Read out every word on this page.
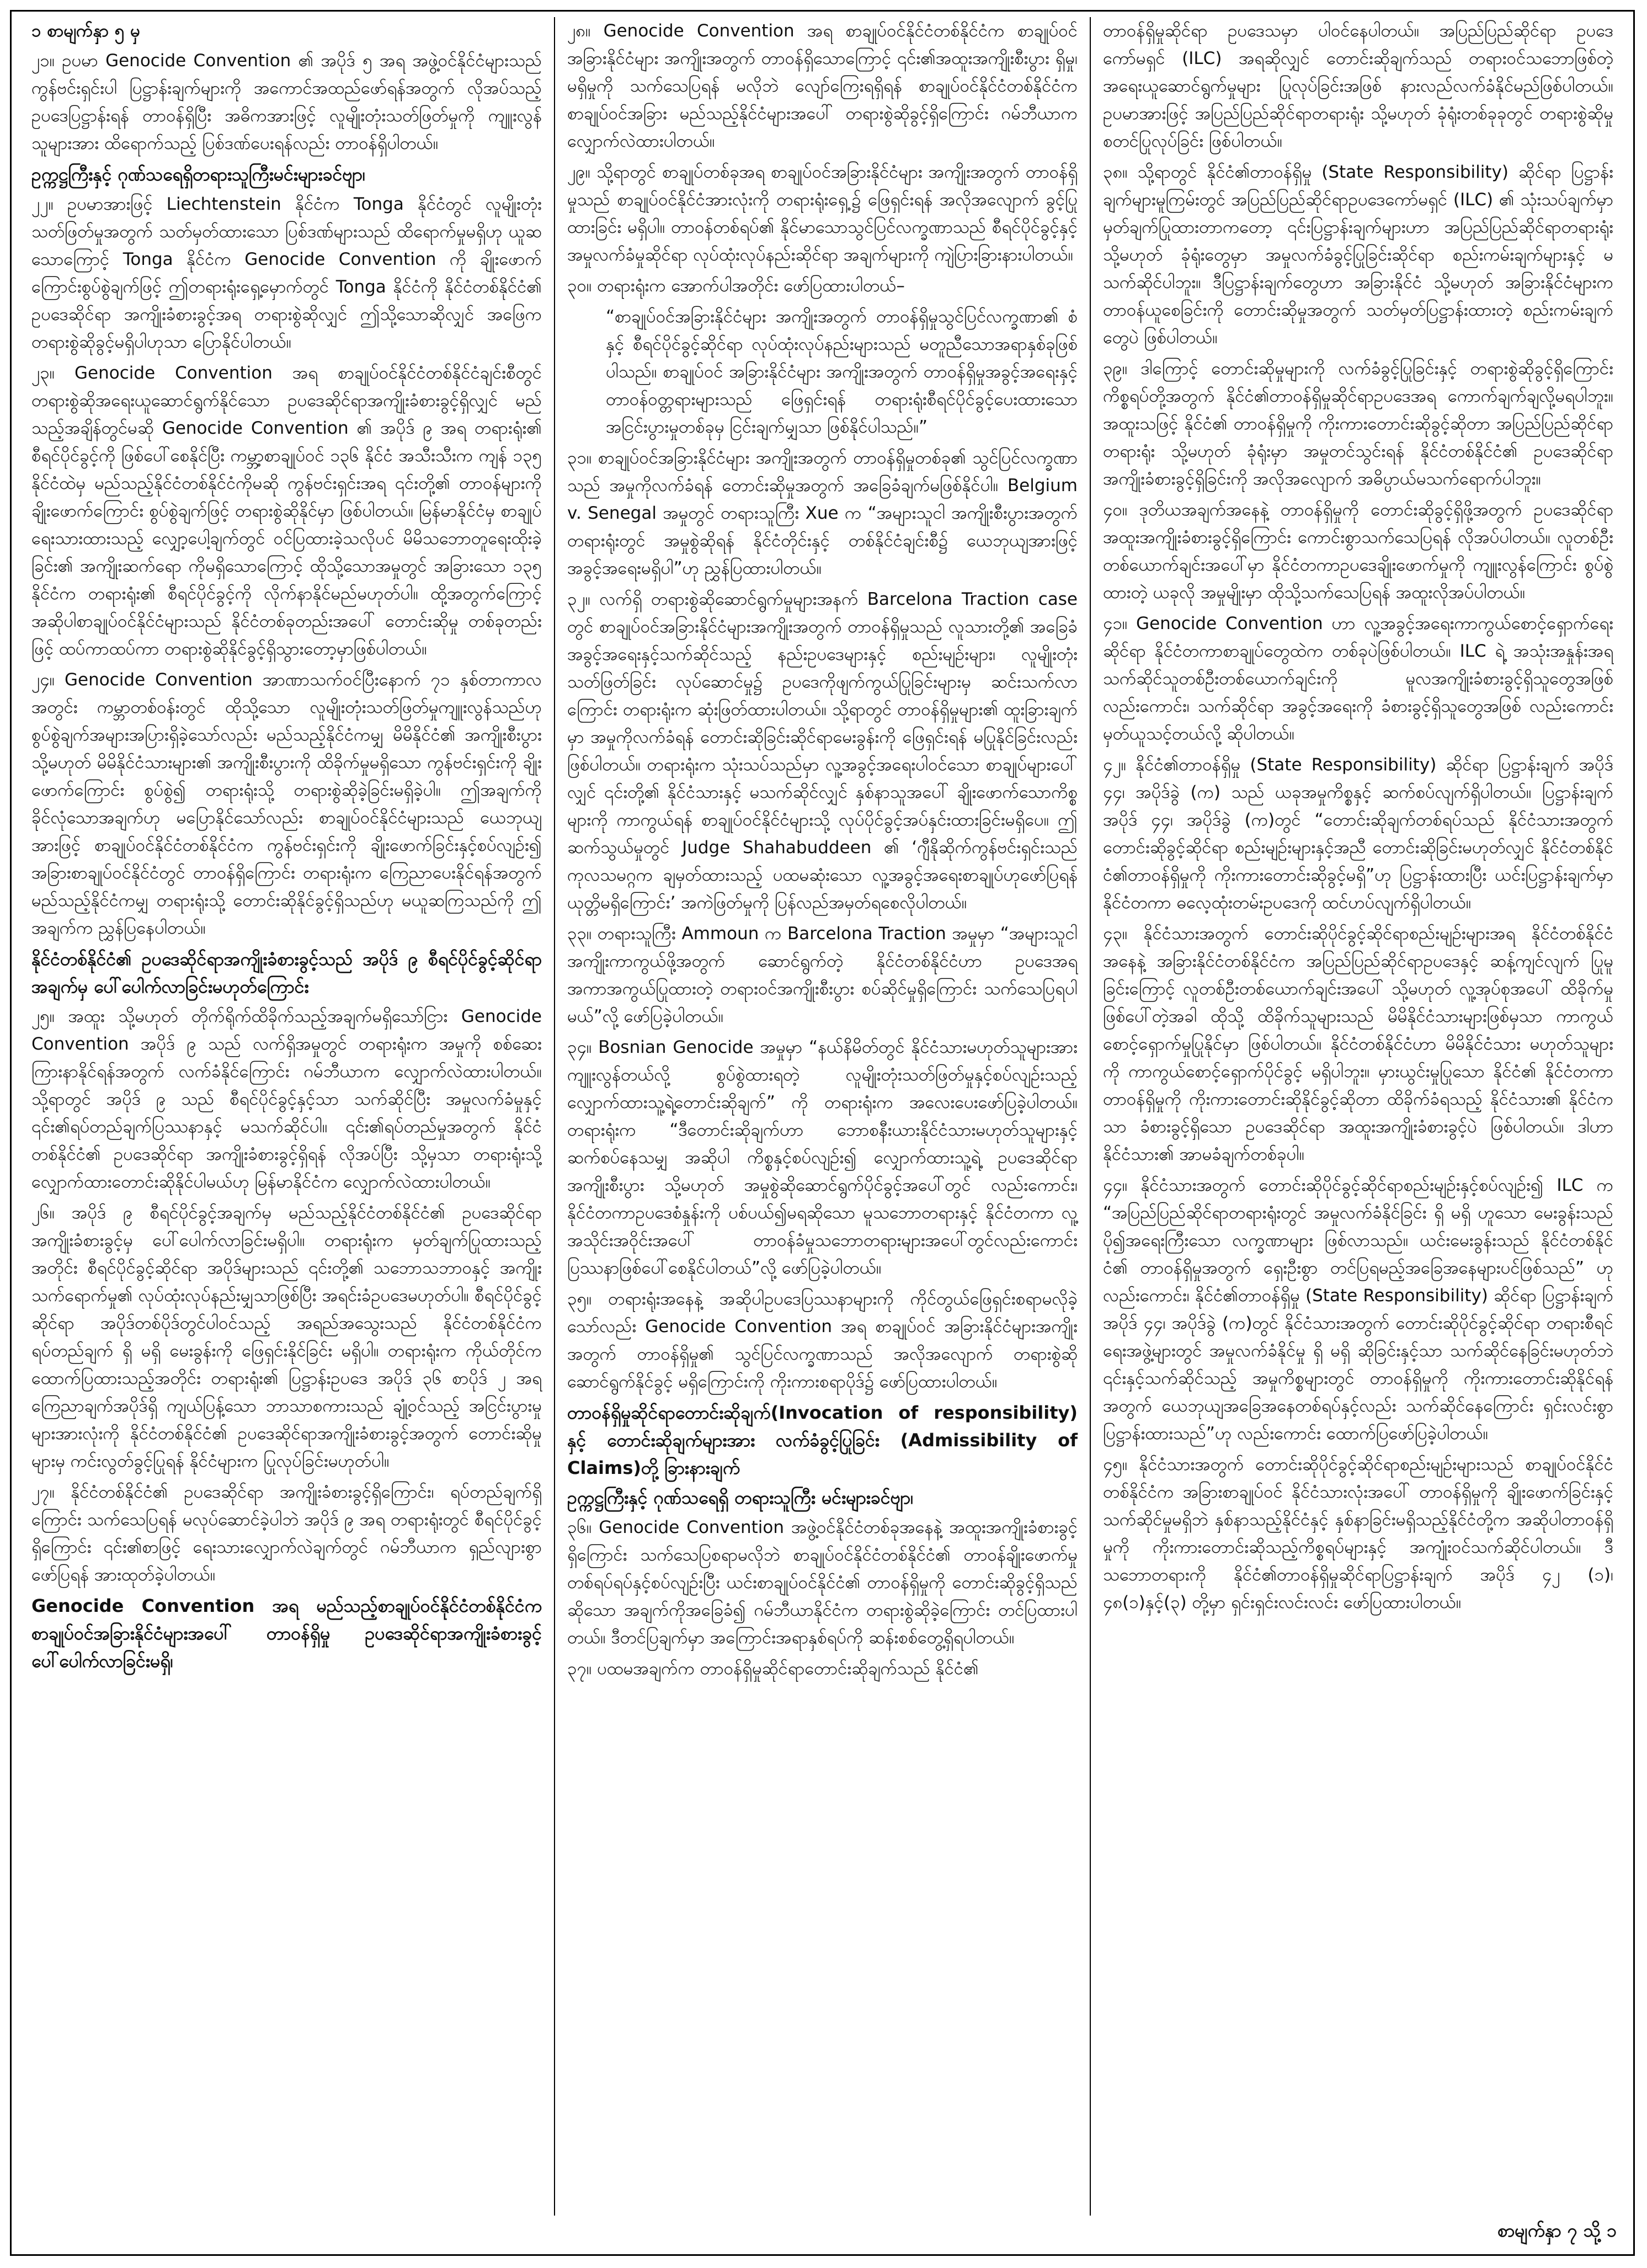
၁ စာမျက်နှာ ၅ မှ

၂၁။ ဥပမာ Genocide Convention ၏ အပိုဒ် ၅ အရ အဖွဲ့ဝင်နိုင်ငံများသည် ကွန်ဗင်းရှင်းပါ ပြဋ္ဌာန်းချက်များကို အကောင်အထည်ဖော်ရန်အတွက် လိုအပ်သည့်ဥပဒေပြဋ္ဌာန်းရန် တာဝန်ရှိပြီး အဓိကအားဖြင့် လူမျိုးတုံးသတ်ဖြတ်မှုကို ကျူးလွန်သူများအား ထိရောက်သည့် ပြစ်ဒဏ်ပေးရန်လည်း တာဝန်ရှိပါတယ်။

ဥက္ကဋ္ဌကြီးနှင့် ဂုဏ်သရေရှိတရားသူကြီးမင်းများခင်ဗျာ၊

၂၂။ ဥပမာအားဖြင့် Liechtenstein နိုင်ငံက Tonga နိုင်ငံတွင် လူမျိုးတုံးသတ်ဖြတ်မှုအတွက် သတ်မှတ်ထားသော ပြစ်ဒဏ်များသည် ထိရောက်မှုမရှိဟု ယူဆသောကြောင့် Tonga နိုင်ငံက Genocide Convention ကို ချိုးဖောက်ကြောင်းစွပ်စွဲချက်ဖြင့် ဤတရားရုံးရှေ့မှောက်တွင် Tonga နိုင်ငံကို နိုင်ငံတစ်နိုင်ငံ၏ ဥပဒေဆိုင်ရာ အကျိုးခံစားခွင့်အရ တရားစွဲဆိုလျှင် ဤသို့သောဆိုလျှင် အဖြေက တရားစွဲဆိုခွင့်မရှိပါဟုသာ ပြောနိုင်ပါတယ်။

၂၃။ Genocide Convention အရ စာချုပ်ဝင်နိုင်ငံတစ်နိုင်ငံချင်းစီတွင် တရားစွဲဆိုအရေးယူဆောင်ရွက်နိုင်သော ဥပဒေဆိုင်ရာအကျိုးခံစားခွင့်ရှိလျှင် မည်သည့်အချိန်တွင်မဆို Genocide Convention ၏ အပိုဒ် ၉ အရ တရားရုံး၏ စီရင်ပိုင်ခွင့်ကို ဖြစ်ပေါ်စေနိုင်ပြီး ကမ္ဘာ့စာချုပ်ဝင် ၁၃၆ နိုင်ငံ အသီးသီးက ကျန် ၁၃၅ နိုင်ငံထဲမှ မည်သည့်နိုင်ငံတစ်နိုင်ငံကိုမဆို ကွန်ဗင်းရှင်းအရ ၎င်းတို့၏ တာဝန်များကို ချိုးဖောက်ကြောင်း စွပ်စွဲချက်ဖြင့် တရားစွဲဆိုနိုင်မှာ ဖြစ်ပါတယ်။ မြန်မာနိုင်ငံမှ စာချုပ်ရေးသားထားသည့် လျှော့ပေါ့ချက်တွင် ဝင်ပြထားခဲ့သလိုပင် မိမိသဘောတူရေးထိုးခဲ့ခြင်း၏ အကျိုးဆက်ရော ကိုမရှိသောကြောင့် ထိုသို့သောအမှုတွင် အခြားသော ၁၃၅ နိုင်ငံက တရားရုံး၏ စီရင်ပိုင်ခွင့်ကို လိုက်နာနိုင်မည်မဟုတ်ပါ။ ထို့အတွက်ကြောင့် အဆိုပါစာချုပ်ဝင်နိုင်ငံများသည် နိုင်ငံတစ်ခုတည်းအပေါ် တောင်းဆိုမှု တစ်ခုတည်းဖြင့် ထပ်ကာထပ်ကာ တရားစွဲဆိုနိုင်ခွင့်ရှိသွားတော့မှာဖြစ်ပါတယ်။

၂၄။ Genocide Convention အာဏာသက်ဝင်ပြီးနောက် ၇၁ နှစ်တာကာလအတွင်း ကမ္ဘာတစ်ဝန်းတွင် ထိုသို့သော လူမျိုးတုံးသတ်ဖြတ်မှုကျူးလွန်သည်ဟု စွပ်စွဲချက်အများအပြားရှိခဲ့သော်လည်း မည်သည့်နိုင်ငံကမျှ မိမိနိုင်ငံ၏ အကျိုးစီးပွား သို့မဟုတ် မိမိနိုင်ငံသားများ၏ အကျိုးစီးပွားကို ထိခိုက်မှုမရှိသော ကွန်ဗင်းရှင်းကို ချိုးဖောက်ကြောင်း စွပ်စွဲ၍ တရားရုံးသို့ တရားစွဲဆိုခဲ့ခြင်းမရှိခဲ့ပါ။ ဤအချက်ကို ခိုင်လုံသောအချက်ဟု မပြောနိုင်သော်လည်း စာချုပ်ဝင်နိုင်ငံများသည် ယေဘုယျအားဖြင့် စာချုပ်ဝင်နိုင်ငံတစ်နိုင်ငံက ကွန်ဗင်းရှင်းကို ချိုးဖောက်ခြင်းနှင့်စပ်လျဉ်း၍ အခြားစာချုပ်ဝင်နိုင်ငံတွင် တာဝန်ရှိကြောင်း တရားရုံးက ကြေညာပေးနိုင်ရန်အတွက် မည်သည့်နိုင်ငံကမျှ တရားရုံးသို့ တောင်းဆိုနိုင်ခွင့်ရှိသည်ဟု မယူဆကြသည်ကို ဤအချက်က ညွှန်ပြနေပါတယ်။

နိုင်ငံတစ်နိုင်ငံ၏ ဥပဒေဆိုင်ရာအကျိုးခံစားခွင့်သည် အပိုဒ် ၉ စီရင်ပိုင်ခွင့်ဆိုင်ရာအချက်မှ ပေါ်ပေါက်လာခြင်းမဟုတ်ကြောင်း

၂၅။ အထူး သို့မဟုတ် တိုက်ရိုက်ထိခိုက်သည့်အချက်မရှိသော်ငြား Genocide Convention အပိုဒ် ၉ သည် လက်ရှိအမှုတွင် တရားရုံးက အမှုကို စစ်ဆေးကြားနာနိုင်ရန်အတွက် လက်ခံနိုင်ကြောင်း ဂမ်ဘီယာက လျှောက်လဲထားပါတယ်။ သို့ရာတွင် အပိုဒ် ၉ သည် စီရင်ပိုင်ခွင့်နှင့်သာ သက်ဆိုင်ပြီး အမှုလက်ခံမှုနှင့် ၎င်း၏ရပ်တည်ချက်ပြဿနာနှင့် မသက်ဆိုင်ပါ။ ၎င်း၏ရပ်တည်မှုအတွက် နိုင်ငံတစ်နိုင်ငံ၏ ဥပဒေဆိုင်ရာ အကျိုးခံစားခွင့်ရှိရန် လိုအပ်ပြီး သို့မှသာ တရားရုံးသို့ လျှောက်ထားတောင်းဆိုနိုင်ပါမယ်ဟု မြန်မာနိုင်ငံက လျှောက်လဲထားပါတယ်။

၂၆။ အပိုဒ် ၉ စီရင်ပိုင်ခွင့်အချက်မှ မည်သည့်နိုင်ငံတစ်နိုင်ငံ၏ ဥပဒေဆိုင်ရာ အကျိုးခံစားခွင့်မှ ပေါ်ပေါက်လာခြင်းမရှိပါ။ တရားရုံးက မှတ်ချက်ပြုထားသည့်အတိုင်း စီရင်ပိုင်ခွင့်ဆိုင်ရာ အပိုဒ်များသည် ၎င်းတို့၏ သဘောသဘာဝနှင့် အကျိုးသက်ရောက်မှု၏ လုပ်ထုံးလုပ်နည်းမျှသာဖြစ်ပြီး အရင်းခံဥပဒေမဟုတ်ပါ။ စီရင်ပိုင်ခွင့်ဆိုင်ရာ အပိုဒ်တစ်ပိုဒ်တွင်ပါဝင်သည့် အရည်အသွေးသည် နိုင်ငံတစ်နိုင်ငံက ရပ်တည်ချက် ရှိ မရှိ မေးခွန်းကို ဖြေရှင်းနိုင်ခြင်း မရှိပါ။ တရားရုံးက ကိုယ်တိုင်က ထောက်ပြထားသည့်အတိုင်း တရားရုံး၏ ပြဋ္ဌာန်းဥပဒေ အပိုဒ် ၃၆ စာပိုဒ် ၂ အရ ကြေညာချက်အပိုဒ်ရှိ ကျယ်ပြန့်သော ဘာသာစကားသည် ချုံ့ဝင်သည့် အငြင်းပွားမှုများအားလုံးကို နိုင်ငံတစ်နိုင်ငံ၏ ဥပဒေဆိုင်ရာအကျိုးခံစားခွင့်အတွက် တောင်းဆိုမှုများမှ ကင်းလွတ်ခွင့်ပြုရန် နိုင်ငံများက ပြုလုပ်ခြင်းမဟုတ်ပါ။

၂၇။ နိုင်ငံတစ်နိုင်ငံ၏ ဥပဒေဆိုင်ရာ အကျိုးခံစားခွင့်ရှိကြောင်း၊ ရပ်တည်ချက်ရှိကြောင်း သက်သေပြရန် မလုပ်ဆောင်ခဲ့ပါဘဲ အပိုဒ် ၉ အရ တရားရုံးတွင် စီရင်ပိုင်ခွင့်ရှိကြောင်း ၎င်း၏စာဖြင့် ရေးသားလျှောက်လဲချက်တွင် ဂမ်ဘီယာက ရှည်လျားစွာဖော်ပြရန် အားထုတ်ခဲ့ပါတယ်။

Genocide Convention အရ မည်သည့်စာချုပ်ဝင်နိုင်ငံတစ်နိုင်ငံက စာချုပ်ဝင်အခြားနိုင်ငံများအပေါ် တာဝန်ရှိမှု ဥပဒေဆိုင်ရာအကျိုးခံစားခွင့် ပေါ်ပေါက်လာခြင်းမရှိ၊

၂၈။ Genocide Convention အရ စာချုပ်ဝင်နိုင်ငံတစ်နိုင်ငံက စာချုပ်ဝင် အခြားနိုင်ငံများ အကျိုးအတွက် တာဝန်ရှိသောကြောင့် ၎င်း၏အထူးအကျိုးစီးပွား ရှိမှု၊ မရှိမှုကို သက်သေပြရန် မလိုဘဲ လျော်ကြေးရရှိရန် စာချုပ်ဝင်နိုင်ငံတစ်နိုင်ငံက စာချုပ်ဝင်အခြား မည်သည့်နိုင်ငံများအပေါ် တရားစွဲဆိုခွင့်ရှိကြောင်း ဂမ်ဘီယာက လျှောက်လဲထားပါတယ်။

၂၉။ သို့ရာတွင် စာချုပ်တစ်ခုအရ စာချုပ်ဝင်အခြားနိုင်ငံများ အကျိုးအတွက် တာဝန်ရှိမှုသည် စာချုပ်ဝင်နိုင်ငံအားလုံးကို တရားရုံးရှေ့၌ ဖြေရှင်းရန် အလိုအလျောက် ခွင့်ပြုထားခြင်း မရှိပါ။ တာဝန်တစ်ရပ်၏ နိုင်မာသောသွင်ပြင်လက္ခဏာသည် စီရင်ပိုင်ခွင့်နှင့် အမှုလက်ခံမှုဆိုင်ရာ လုပ်ထုံးလုပ်နည်းဆိုင်ရာ အချက်များကို ကျဲပြားခြားနားပါတယ်။

၃၀။ တရားရုံးက အောက်ပါအတိုင်း ဖော်ပြထားပါတယ်–

“စာချုပ်ဝင်အခြားနိုင်ငံများ အကျိုးအတွက် တာဝန်ရှိမှုသွင်ပြင်လက္ခဏာ၏ စံနှင့် စီရင်ပိုင်ခွင့်ဆိုင်ရာ လုပ်ထုံးလုပ်နည်းများသည် မတူညီသောအရာနှစ်ခုဖြစ်ပါသည်။ စာချုပ်ဝင် အခြားနိုင်ငံများ အကျိုးအတွက် တာဝန်ရှိမှုအခွင့်အရေးနှင့် တာဝန်ဝတ္တရားများသည် ဖြေရှင်းရန် တရားရုံးစီရင်ပိုင်ခွင့်ပေးထားသော အငြင်းပွားမှုတစ်ခုမှ ငြင်းချက်မျှသာ ဖြစ်နိုင်ပါသည်။”

၃၁။ စာချုပ်ဝင်အခြားနိုင်ငံများ အကျိုးအတွက် တာဝန်ရှိမှုတစ်ခု၏ သွင်ပြင်လက္ခဏာသည် အမှုကိုလက်ခံရန် တောင်းဆိုမှုအတွက် အခြေခံချက်မဖြစ်နိုင်ပါ။ Belgium v. Senegal အမှုတွင် တရားသူကြီး Xue က “အများသူငါ အကျိုးစီးပွားအတွက် တရားရုံးတွင် အမှုစွဲဆိုရန် နိုင်ငံတိုင်းနှင့် တစ်နိုင်ငံချင်းစီ၌ ယေဘုယျအားဖြင့် အခွင့်အရေးမရှိပါ”ဟု ညွှန်ပြထားပါတယ်။

၃၂။ လက်ရှိ တရားစွဲဆိုဆောင်ရွက်မှုများအနက် Barcelona Traction case တွင် စာချုပ်ဝင်အခြားနိုင်ငံများအကျိုးအတွက် တာဝန်ရှိမှုသည် လူသားတို့၏ အခြေခံအခွင့်အရေးနှင့်သက်ဆိုင်သည့် နည်းဥပဒေများနှင့် စည်းမျဉ်းများ၊ လူမျိုးတုံးသတ်ဖြတ်ခြင်း လုပ်ဆောင်မှု၌ ဥပဒေကိုဖျက်ကွယ်ပြုခြင်းများမှ ဆင်းသက်လာကြောင်း တရားရုံးက ဆုံးဖြတ်ထားပါတယ်။ သို့ရာတွင် တာဝန်ရှိမှုများ၏ ထူးခြားချက်မှာ အမှုကိုလက်ခံရန် တောင်းဆိုခြင်းဆိုင်ရာမေးခွန်းကို ဖြေရှင်းရန် မပြုနိုင်ခြင်းလည်းဖြစ်ပါတယ်။ တရားရုံးက သုံးသပ်သည်မှာ လူ့အခွင့်အရေးပါဝင်သော စာချုပ်များပေါ်လျှင် ၎င်းတို့၏ နိုင်ငံသားနှင့် မသက်ဆိုင်လျှင် နှစ်နာသူအပေါ် ချိုးဖောက်သောကိစ္စများကို ကာကွယ်ရန် စာချုပ်ဝင်နိုင်ငံများသို့ လုပ်ပိုင်ခွင့်အပ်နှင်းထားခြင်းမရှိပေ။ ဤဆက်သွယ်မှုတွင် Judge Shahabuddeen ၏ ‘ဂျီနိုဆိုက်ကွန်ဗင်းရှင်းသည် ကုလသမဂ္ဂက ချမှတ်ထားသည့် ပထမဆုံးသော လူ့အခွင့်အရေးစာချုပ်ဟုဖော်ပြရန် ယုတ္တိမရှိကြောင်း’ အကဲဖြတ်မှုကို ပြန်လည်အမှတ်ရစေလိုပါတယ်။

၃၃။ တရားသူကြီး Ammoun က Barcelona Traction အမှုမှာ “အများသူငါအကျိုးကာကွယ်ဖို့အတွက် ဆောင်ရွက်တဲ့ နိုင်ငံတစ်နိုင်ငံဟာ ဥပဒေအရ အကာအကွယ်ပြုထားတဲ့ တရားဝင်အကျိုးစီးပွား စပ်ဆိုင်မှုရှိကြောင်း သက်သေပြရပါမယ်”လို့ ဖော်ပြခဲ့ပါတယ်။

၃၄။ Bosnian Genocide အမှုမှာ “နယ်နိမိတ်တွင် နိုင်ငံသားမဟုတ်သူများအား ကျူးလွန်တယ်လို့ စွပ်စွဲထားရတဲ့ လူမျိုးတုံးသတ်ဖြတ်မှုနှင့်စပ်လျဉ်းသည့် လျှောက်ထားသူ့ရဲ့တောင်းဆိုချက်” ကို တရားရုံးက အလေးပေးဖော်ပြခဲ့ပါတယ်။ တရားရုံးက “ဒီတောင်းဆိုချက်ဟာ ဘောစနီးယားနိုင်ငံသားမဟုတ်သူများနှင့် ဆက်စပ်နေသမျှ အဆိုပါ ကိစ္စနှင့်စပ်လျဉ်း၍ လျှောက်ထားသူ့ရဲ့ ဥပဒေဆိုင်ရာအကျိုးစီးပွား သို့မဟုတ် အမှုစွဲဆိုဆောင်ရွက်ပိုင်ခွင့်အပေါ်တွင် လည်းကောင်း၊ နိုင်ငံတကာဥပဒေစံနှုန်းကို ပစ်ပယ်၍မရဆိုသော မူသဘောတရားနှင့် နိုင်ငံတကာ လူ့အသိုင်းအဝိုင်းအပေါ် တာဝန်ခံမှုသဘောတရားများအပေါ်တွင်လည်းကောင်း ပြဿနာဖြစ်ပေါ်စေနိုင်ပါတယ်”လို့ ဖော်ပြခဲ့ပါတယ်။

၃၅။ တရားရုံးအနေနဲ့ အဆိုပါဥပဒေပြဿနာများကို ကိုင်တွယ်ဖြေရှင်းစရာမလိုခဲ့သော်လည်း Genocide Convention အရ စာချုပ်ဝင် အခြားနိုင်ငံများအကျိုးအတွက် တာဝန်ရှိမှု၏ သွင်ပြင်လက္ခဏာသည် အလိုအလျောက် တရားစွဲဆိုဆောင်ရွက်နိုင်ခွင့် မရှိကြောင်းကို ကိုးကားစရာပိုဒ်၌ ဖော်ပြထားပါတယ်။

တာဝန်ရှိမှုဆိုင်ရာတောင်းဆိုချက်(Invocation of responsibility) နှင့် တောင်းဆိုချက်များအား လက်ခံခွင့်ပြုခြင်း (Admissibility of Claims)တို့ ခြားနားချက်
ဥက္ကဋ္ဌကြီးနှင့် ဂုဏ်သရေရှိ တရားသူကြီး မင်းများခင်ဗျာ၊

၃၆။ Genocide Convention အဖွဲ့ဝင်နိုင်ငံတစ်ခုအနေနဲ့ အထူးအကျိုးခံစားခွင့်ရှိကြောင်း သက်သေပြစရာမလိုဘဲ စာချုပ်ဝင်နိုင်ငံတစ်နိုင်ငံ၏ တာဝန်ချိုးဖောက်မှုတစ်ရပ်ရပ်နှင့်စပ်လျဉ်းပြီး ယင်းစာချုပ်ဝင်နိုင်ငံ၏ တာဝန်ရှိမှုကို တောင်းဆိုခွင့်ရှိသည်ဆိုသော အချက်ကိုအခြေခံ၍ ဂမ်ဘီယာနိုင်ငံက တရားစွဲဆိုခဲ့ကြောင်း တင်ပြထားပါတယ်။ ဒီတင်ပြချက်မှာ အကြောင်းအရာနှစ်ရပ်ကို ဆန်းစစ်တွေ့ရှိရပါတယ်။

၃၇။ ပထမအချက်က တာဝန်ရှိမှုဆိုင်ရာတောင်းဆိုချက်သည် နိုင်ငံ၏

တာဝန်ရှိမှုဆိုင်ရာ ဥပဒေသမှာ ပါဝင်နေပါတယ်။ အပြည်ပြည်ဆိုင်ရာ ဥပဒေကော်မရှင် (ILC) အရဆိုလျှင် တောင်းဆိုချက်သည် တရားဝင်သဘောဖြစ်တဲ့ အရေးယူဆောင်ရွက်မှုများ ပြုလုပ်ခြင်းအဖြစ် နားလည်လက်ခံနိုင်မည်ဖြစ်ပါတယ်။ ဥပမာအားဖြင့် အပြည်ပြည်ဆိုင်ရာတရားရုံး သို့မဟုတ် ခုံရုံးတစ်ခုခုတွင် တရားစွဲဆိုမှု စတင်ပြုလုပ်ခြင်း ဖြစ်ပါတယ်။

၃၈။ သို့ရာတွင် နိုင်ငံ၏တာဝန်ရှိမှု (State Responsibility) ဆိုင်ရာ ပြဋ္ဌာန်းချက်များမူကြမ်းတွင် အပြည်ပြည်ဆိုင်ရာဥပဒေကော်မရှင် (ILC) ၏ သုံးသပ်ချက်မှာ မှတ်ချက်ပြုထားတာကတော့ ၎င်းပြဋ္ဌာန်းချက်များဟာ အပြည်ပြည်ဆိုင်ရာတရားရုံး သို့မဟုတ် ခုံရုံးတွေမှာ အမှုလက်ခံခွင့်ပြုခြင်းဆိုင်ရာ စည်းကမ်းချက်များနှင့် မသက်ဆိုင်ပါဘူး။ ဒီပြဋ္ဌာန်းချက်တွေဟာ အခြားနိုင်ငံ သို့မဟုတ် အခြားနိုင်ငံများက တာဝန်ယူစေခြင်းကို တောင်းဆိုမှုအတွက် သတ်မှတ်ပြဋ္ဌာန်းထားတဲ့ စည်းကမ်းချက်တွေပဲ ဖြစ်ပါတယ်။

၃၉။ ဒါကြောင့် တောင်းဆိုမှုများကို လက်ခံခွင့်ပြုခြင်းနှင့် တရားစွဲဆိုခွင့်ရှိကြောင်း ကိစ္စရပ်တို့အတွက် နိုင်ငံ၏တာဝန်ရှိမှုဆိုင်ရာဥပဒေအရ ကောက်ချက်ချလို့မရပါဘူး။ အထူးသဖြင့် နိုင်ငံ၏ တာဝန်ရှိမှုကို ကိုးကားတောင်းဆိုခွင့်ဆိုတာ အပြည်ပြည်ဆိုင်ရာတရားရုံး သို့မဟုတ် ခုံရုံးမှာ အမှုတင်သွင်းရန် နိုင်ငံတစ်နိုင်ငံ၏ ဥပဒေဆိုင်ရာအကျိုးခံစားခွင့်ရှိခြင်းကို အလိုအလျောက် အဓိပ္ပာယ်မသက်ရောက်ပါဘူး။

၄၀။ ဒုတိယအချက်အနေနဲ့ တာဝန်ရှိမှုကို တောင်းဆိုခွင့်ရှိဖို့အတွက် ဥပဒေဆိုင်ရာ အထူးအကျိုးခံစားခွင့်ရှိကြောင်း ကောင်းစွာသက်သေပြရန် လိုအပ်ပါတယ်။ လူတစ်ဦးတစ်ယောက်ချင်းအပေါ်မှာ နိုင်ငံတကာဥပဒေချိုးဖောက်မှုကို ကျူးလွန်ကြောင်း စွပ်စွဲထားတဲ့ ယခုလို အမှုမျိုးမှာ ထိုသို့သက်သေပြရန် အထူးလိုအပ်ပါတယ်။

၄၁။ Genocide Convention ဟာ လူ့အခွင့်အရေးကာကွယ်စောင့်ရှောက်ရေးဆိုင်ရာ နိုင်ငံတကာစာချုပ်တွေထဲက တစ်ခုပဲဖြစ်ပါတယ်။ ILC ရဲ့ အသုံးအနှုန်းအရ သက်ဆိုင်သူတစ်ဦးတစ်ယောက်ချင်းကို မူလအကျိုးခံစားခွင့်ရှိသူတွေအဖြစ်လည်းကောင်း၊ သက်ဆိုင်ရာ အခွင့်အရေးကို ခံစားခွင့်ရှိသူတွေအဖြစ် လည်းကောင်း မှတ်ယူသင့်တယ်လို့ ဆိုပါတယ်။

၄၂။ နိုင်ငံ၏တာဝန်ရှိမှု (State Responsibility) ဆိုင်ရာ ပြဋ္ဌာန်းချက် အပိုဒ် ၄၄၊ အပိုဒ်ခွဲ (က) သည် ယခုအမှုကိစ္စနှင့် ဆက်စပ်လျက်ရှိပါတယ်။ ပြဋ္ဌာန်းချက် အပိုဒ် ၄၄၊ အပိုဒ်ခွဲ (က)တွင် “တောင်းဆိုချက်တစ်ရပ်သည် နိုင်ငံသားအတွက် တောင်းဆိုခွင့်ဆိုင်ရာ စည်းမျဉ်းများနှင့်အညီ တောင်းဆိုခြင်းမဟုတ်လျှင် နိုင်ငံတစ်နိုင်ငံ၏တာဝန်ရှိမှုကို ကိုးကားတောင်းဆိုခွင့်မရှိ”ဟု ပြဋ္ဌာန်းထားပြီး ယင်းပြဋ္ဌာန်းချက်မှာ နိုင်ငံတကာ ဓလေ့ထုံးတမ်းဥပဒေကို ထင်ဟပ်လျက်ရှိပါတယ်။

၄၃။ နိုင်ငံသားအတွက် တောင်းဆိုပိုင်ခွင့်ဆိုင်ရာစည်းမျဉ်းများအရ နိုင်ငံတစ်နိုင်ငံအနေနဲ့ အခြားနိုင်ငံတစ်နိုင်ငံက အပြည်ပြည်ဆိုင်ရာဥပဒေနှင့် ဆန့်ကျင်လျက် ပြုမူခြင်းကြောင့် လူတစ်ဦးတစ်ယောက်ချင်းအပေါ် သို့မဟုတ် လူ့အုပ်စုအပေါ် ထိခိုက်မှုဖြစ်ပေါ်တဲ့အခါ ထိုသို့ ထိခိုက်သူများသည် မိမိနိုင်ငံသားများဖြစ်မှသာ ကာကွယ်စောင့်ရှောက်မှုပြုနိုင်မှာ ဖြစ်ပါတယ်။ နိုင်ငံတစ်နိုင်ငံဟာ မိမိနိုင်ငံသား မဟုတ်သူများကို ကာကွယ်စောင့်ရှောက်ပိုင်ခွင့် မရှိပါဘူး။ မှားယွင်းမှုပြုသော နိုင်ငံ၏ နိုင်ငံတကာတာဝန်ရှိမှုကို ကိုးကားတောင်းဆိုနိုင်ခွင့်ဆိုတာ ထိခိုက်ခံရသည့် နိုင်ငံသား၏ နိုင်ငံကသာ ခံစားခွင့်ရှိသော ဥပဒေဆိုင်ရာ အထူးအကျိုးခံစားခွင့်ပဲ ဖြစ်ပါတယ်။ ဒါဟာ နိုင်ငံသား၏ အာမခံချက်တစ်ခုပါ။

၄၄။ နိုင်ငံသားအတွက် တောင်းဆိုပိုင်ခွင့်ဆိုင်ရာစည်းမျဉ်းနှင့်စပ်လျဉ်း၍ ILC က “အပြည်ပြည်ဆိုင်ရာတရားရုံးတွင် အမှုလက်ခံနိုင်ခြင်း ရှိ မရှိ ဟူသော မေးခွန်းသည် ပို၍အရေးကြီးသော လက္ခဏာများ ဖြစ်လာသည်။ ယင်းမေးခွန်းသည် နိုင်ငံတစ်နိုင်ငံ၏ တာဝန်ရှိမှုအတွက် ရှေးဦးစွာ တင်ပြရမည့်အခြေအနေများပင်ဖြစ်သည်” ဟုလည်းကောင်း၊ နိုင်ငံ၏တာဝန်ရှိမှု (State Responsibility) ဆိုင်ရာ ပြဋ္ဌာန်းချက် အပိုဒ် ၄၄၊ အပိုဒ်ခွဲ (က)တွင် နိုင်ငံသားအတွက် တောင်းဆိုပိုင်ခွင့်ဆိုင်ရာ တရားစီရင်ရေးအဖွဲ့များတွင် အမှုလက်ခံနိုင်မှု ရှိ မရှိ ဆိုခြင်းနှင့်သာ သက်ဆိုင်နေခြင်းမဟုတ်ဘဲ ၎င်းနှင့်သက်ဆိုင်သည့် အမှုကိစ္စများတွင် တာဝန်ရှိမှုကို ကိုးကားတောင်းဆိုနိုင်ရန်အတွက် ယေဘုယျအခြေအနေတစ်ရပ်နှင့်လည်း သက်ဆိုင်နေကြောင်း ရှင်းလင်းစွာ ပြဋ္ဌာန်းထားသည်”ဟု လည်းကောင်း ထောက်ပြဖော်ပြခဲ့ပါတယ်။

၄၅။ နိုင်ငံသားအတွက် တောင်းဆိုပိုင်ခွင့်ဆိုင်ရာစည်းမျဉ်းများသည် စာချုပ်ဝင်နိုင်ငံတစ်နိုင်ငံက အခြားစာချုပ်ဝင် နိုင်ငံသားလုံးအပေါ် တာဝန်ရှိမှုကို ချိုးဖောက်ခြင်းနှင့် သက်ဆိုင်မှုမရှိဘဲ နှစ်နာသည့်နိုင်ငံနှင့် နှစ်နာခြင်းမရှိသည့်နိုင်ငံတို့က အဆိုပါတာဝန်ရှိမှုကို ကိုးကားတောင်းဆိုသည့်ကိစ္စရပ်များနှင့် အကျုံးဝင်သက်ဆိုင်ပါတယ်။ ဒီသဘောတရားကို နိုင်ငံ၏တာဝန်ရှိမှုဆိုင်ရာပြဋ္ဌာန်းချက် အပိုဒ် ၄၂ (၁)၊ ၄၈(၁)နှင့်(၃) တို့မှာ ရှင်းရှင်းလင်းလင်း ဖော်ပြထားပါတယ်။

စာမျက်နှာ ၇ သို့ ၁
